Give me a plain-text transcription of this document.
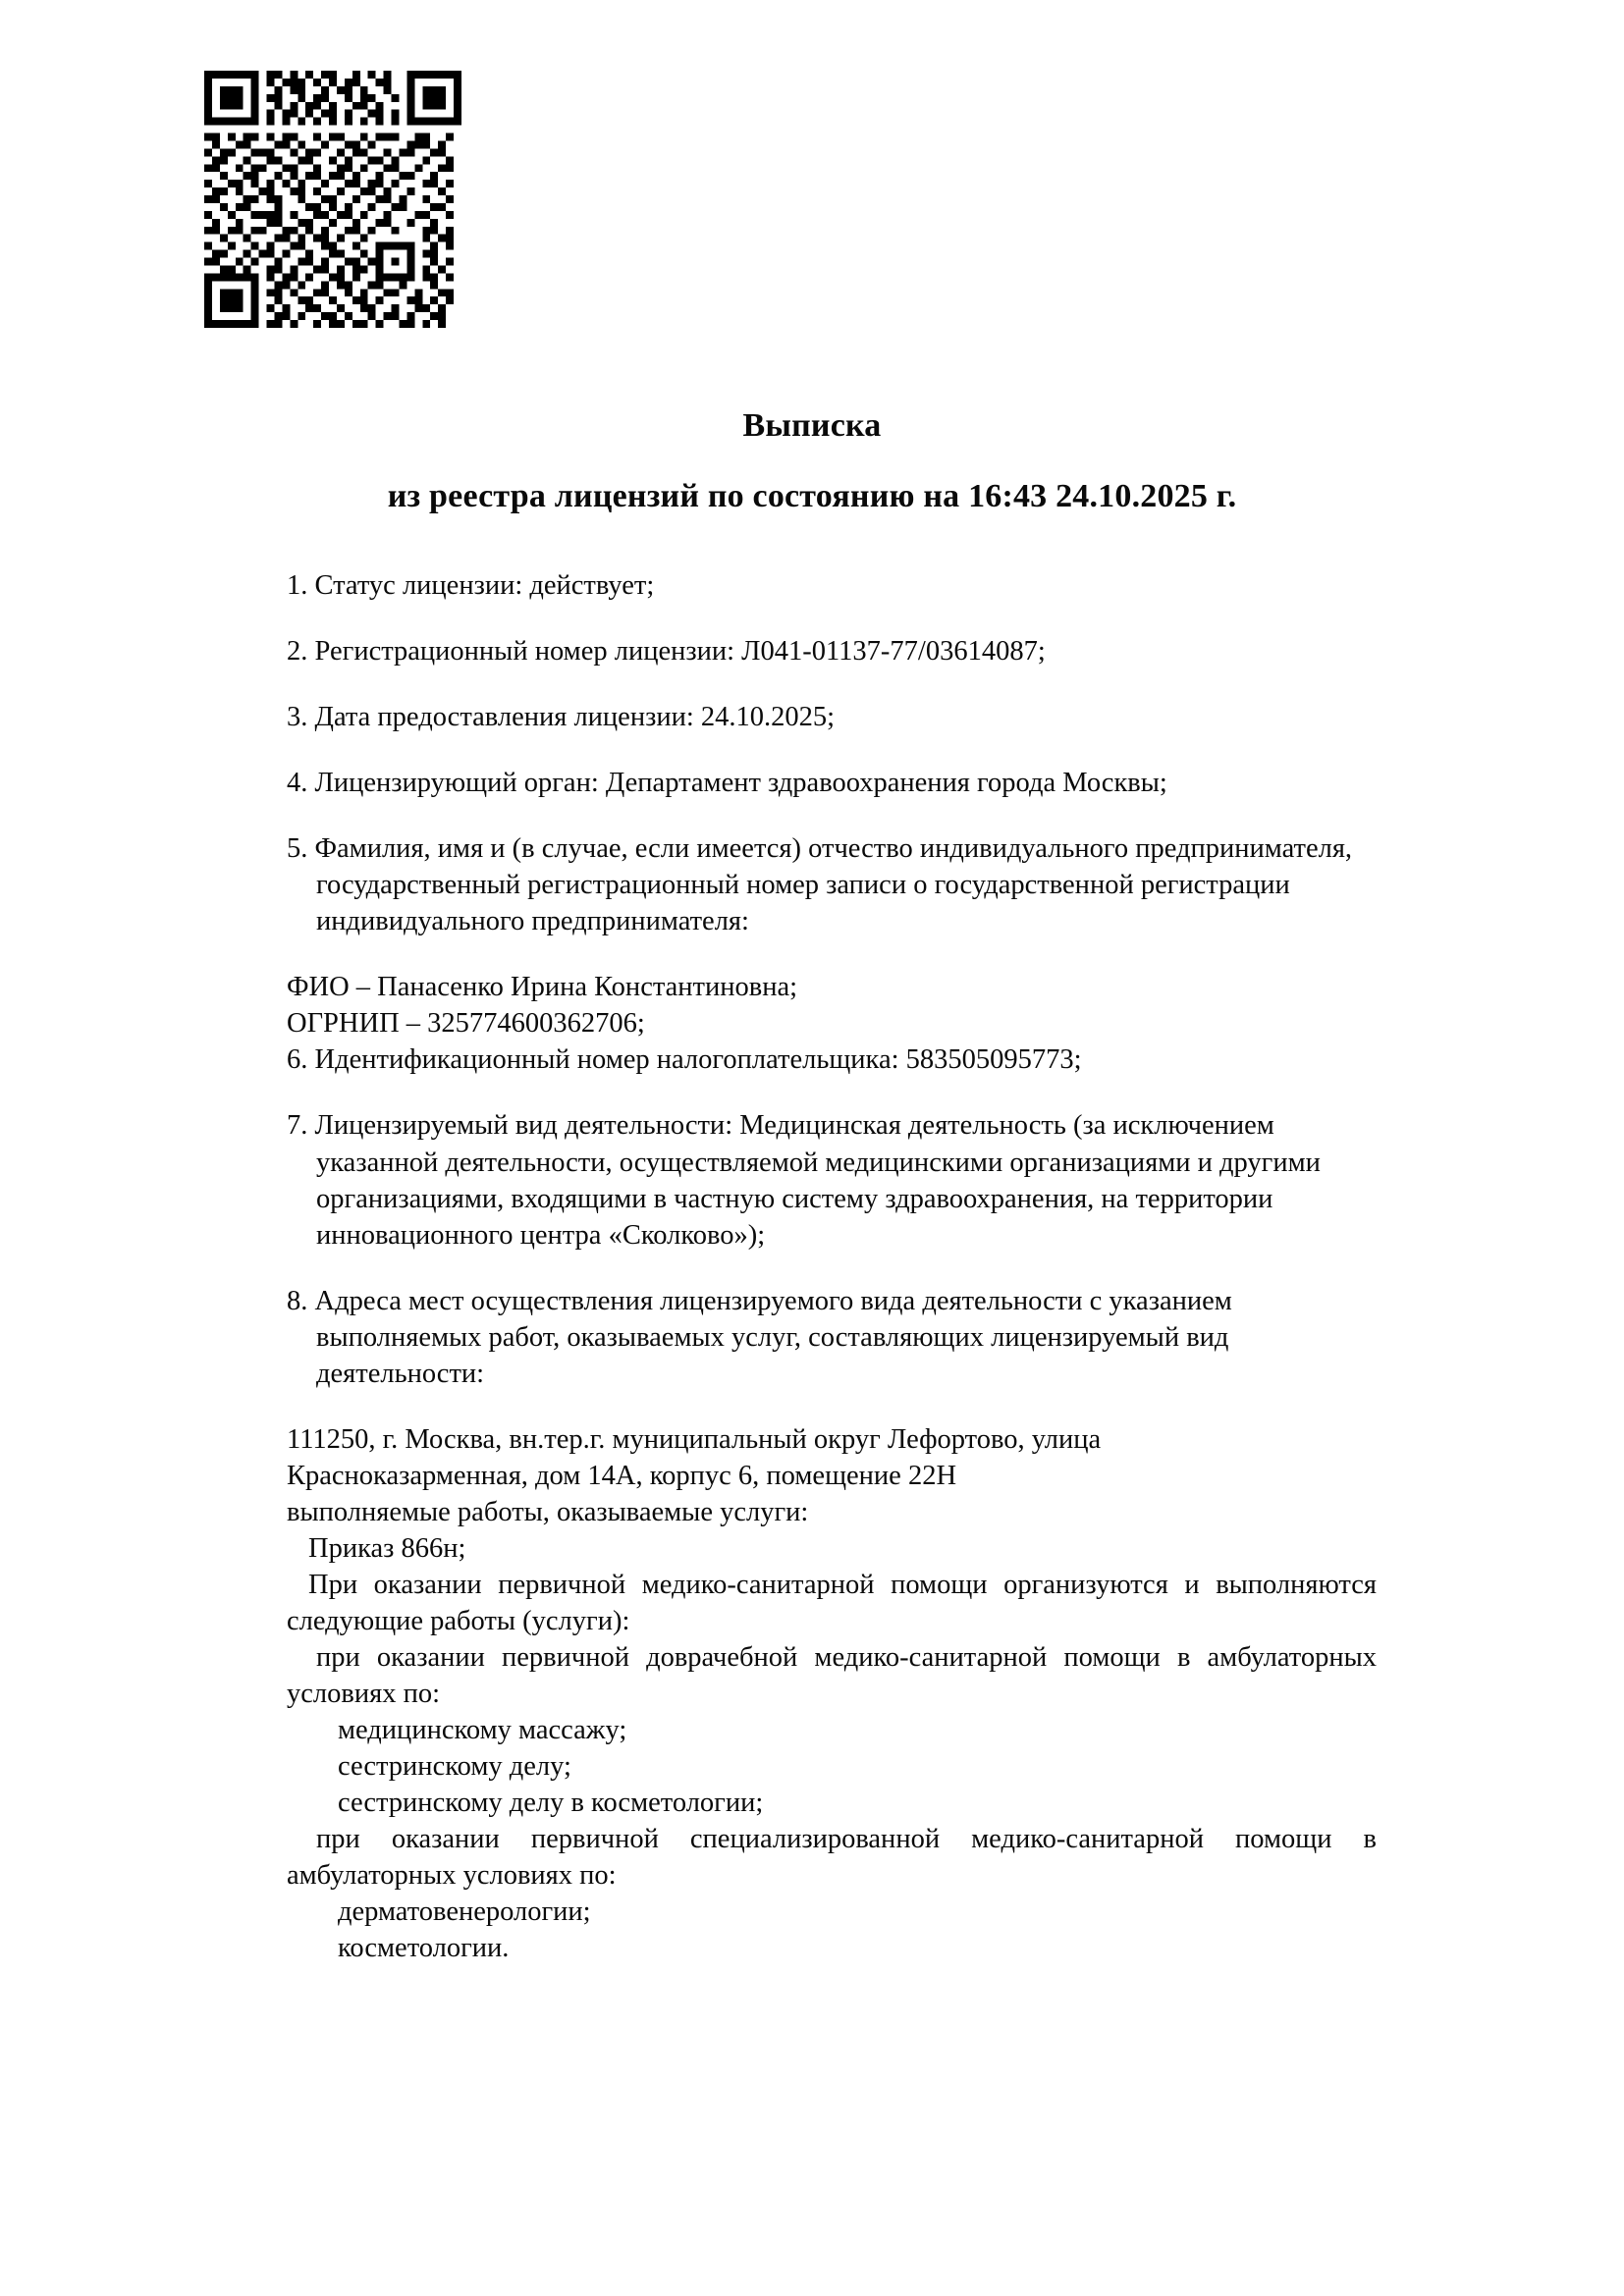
Выписка
из реестра лицензий по состоянию на 16:43 24.10.2025 г.

1. Статус лицензии: действует;

2. Регистрационный номер лицензии: Л041-01137-77/03614087;

3. Дата предоставления лицензии: 24.10.2025;

4. Лицензирующий орган: Департамент здравоохранения города Москвы;

5. Фамилия, имя и (в случае, если имеется) отчество индивидуального предпринимателя, государственный регистрационный номер записи о государственной регистрации индивидуального предпринимателя:

ФИО – Панасенко Ирина Константиновна;
ОГРНИП – 325774600362706;
6. Идентификационный номер налогоплательщика: 583505095773;

7. Лицензируемый вид деятельности: Медицинская деятельность (за исключением указанной деятельности, осуществляемой медицинскими организациями и другими организациями, входящими в частную систему здравоохранения, на территории инновационного центра «Сколково»);

8. Адреса мест осуществления лицензируемого вида деятельности с указанием выполняемых работ, оказываемых услуг, составляющих лицензируемый вид деятельности:

111250, г. Москва, вн.тер.г. муниципальный округ Лефортово, улица
Красноказарменная, дом 14А, корпус 6, помещение 22Н
выполняемые работы, оказываемые услуги:
Приказ 866н;
При оказании первичной медико-санитарной помощи организуются и выполняются следующие работы (услуги):
при оказании первичной доврачебной медико-санитарной помощи в амбулаторных условиях по:
медицинскому массажу;
сестринскому делу;
сестринскому делу в косметологии;
при оказании первичной специализированной медико-санитарной помощи в амбулаторных условиях по:
дерматовенерологии;
косметологии.
